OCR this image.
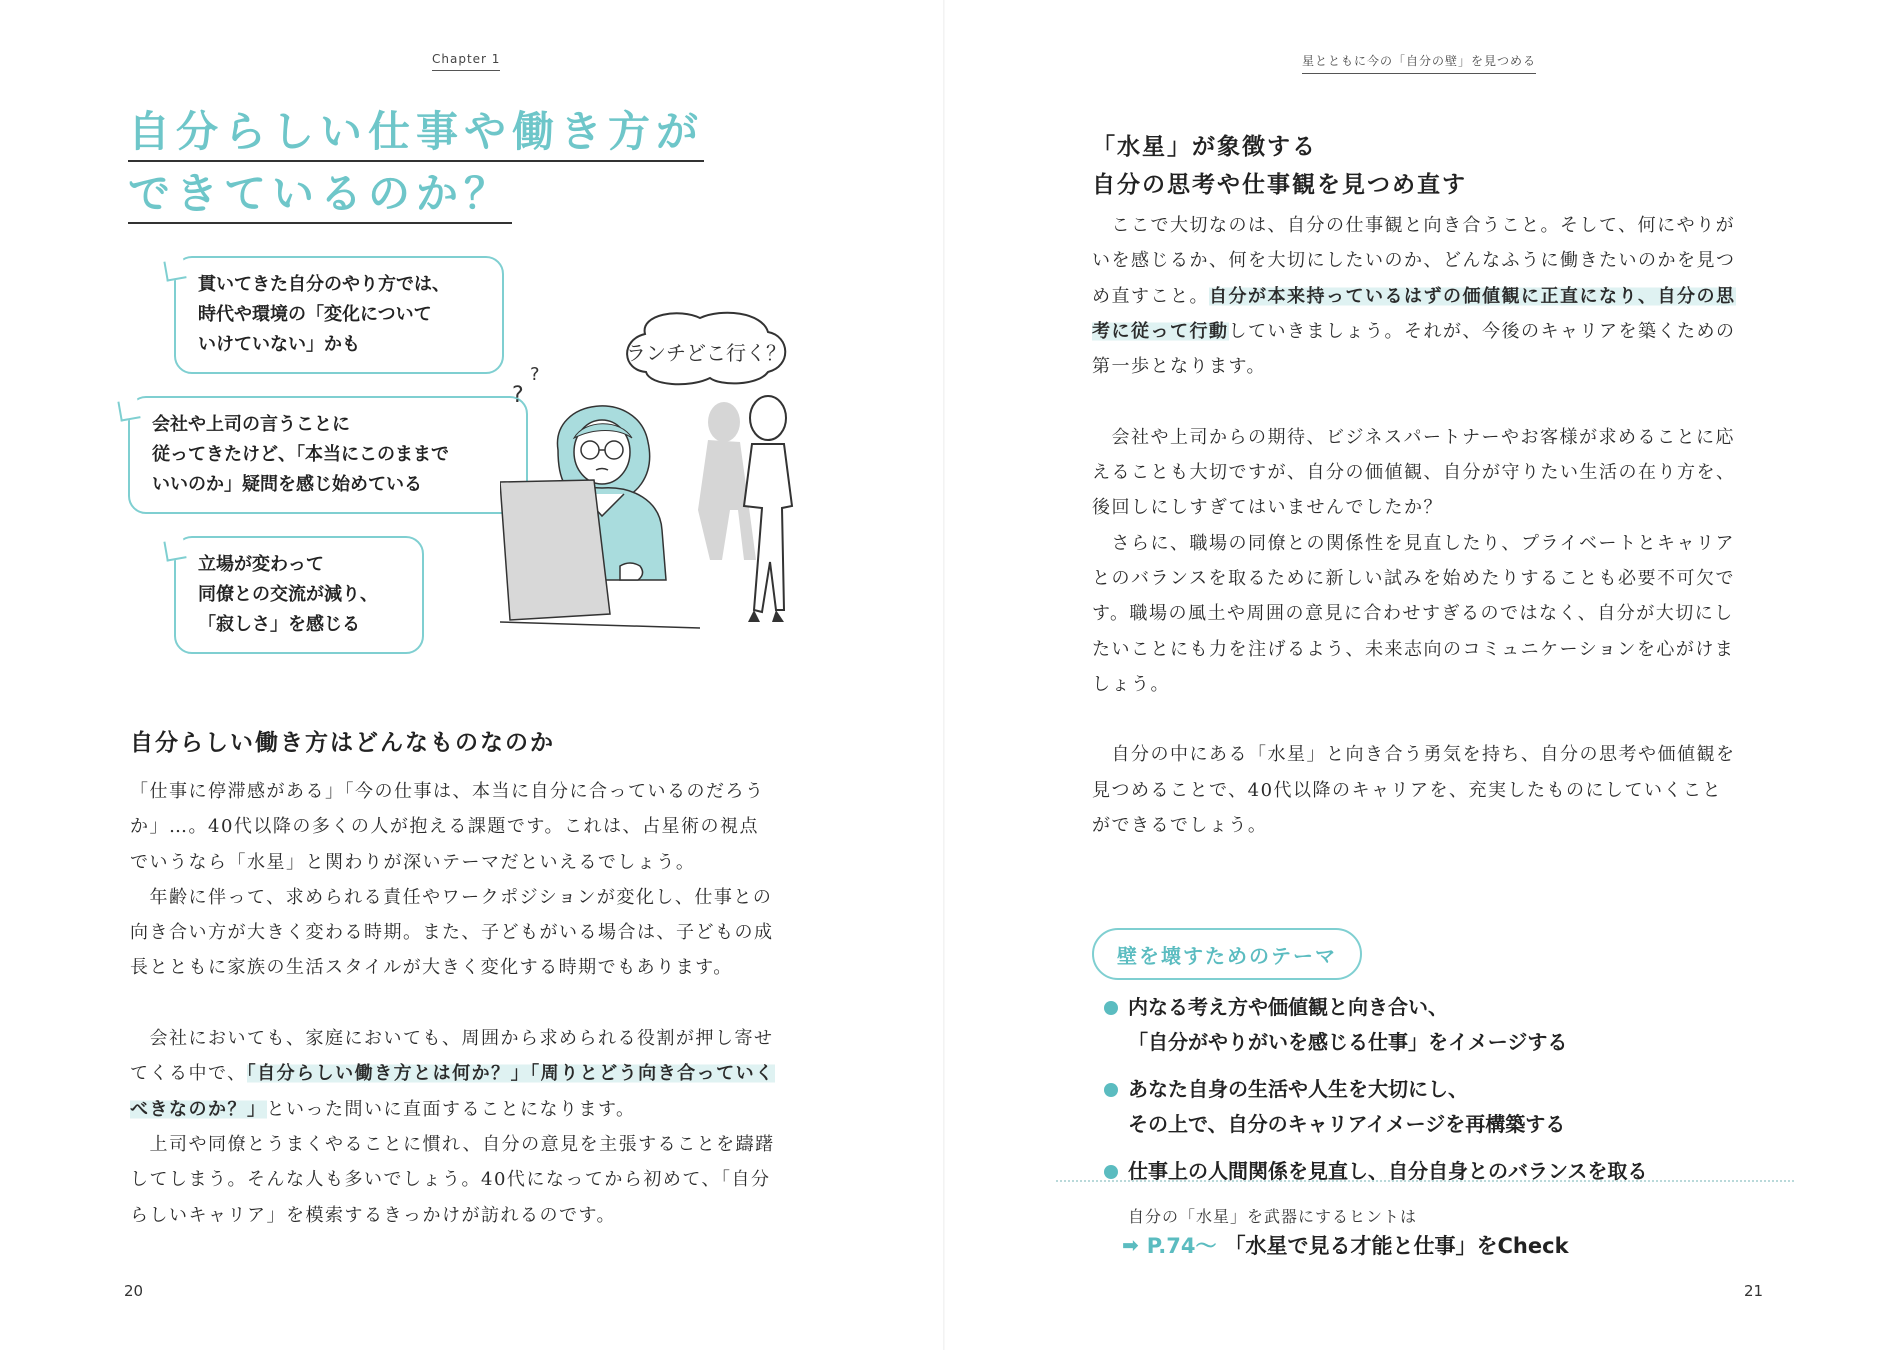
Chapter 1
自分らしい仕事や働き方が
できているのか？
貫いてきた自分のやり方では、
時代や環境の「変化について
いけていない」かも
会社や上司の言うことに
従ってきたけど、「本当にこのままで
いいのか」疑問を感じ始めている
立場が変わって
同僚との交流が減り、
「寂しさ」を感じる
ランチどこ行く？
?
?
自分らしい働き方はどんなものなのか

「仕事に停滞感がある」「今の仕事は、本当に自分に合っているのだろう

か」…。40代以降の多くの人が抱える課題です。これは、占星術の視点

でいうなら「水星」と関わりが深いテーマだといえるでしょう。

　年齢に伴って、求められる責任やワークポジションが変化し、仕事との

向き合い方が大きく変わる時期。また、子どもがいる場合は、子どもの成

長とともに家族の生活スタイルが大きく変化する時期でもあります。

　会社においても、家庭においても、周囲から求められる役割が押し寄せ

てくる中で、「自分らしい働き方とは何か？」「周りとどう向き合っていく

べきなのか？」といった問いに直面することになります。

　上司や同僚とうまくやることに慣れ、自分の意見を主張することを躊躇

してしまう。そんな人も多いでしょう。40代になってから初めて、「自分

らしいキャリア」を模索するきっかけが訪れるのです。

20
星とともに今の「自分の壁」を見つめる
「水星」が象徴する
自分の思考や仕事観を見つめ直す

　ここで大切なのは、自分の仕事観と向き合うこと。そして、何にやりが

いを感じるか、何を大切にしたいのか、どんなふうに働きたいのかを見つ

め直すこと。自分が本来持っているはずの価値観に正直になり、自分の思

考に従って行動していきましょう。それが、今後のキャリアを築くための

第一歩となります。

　会社や上司からの期待、ビジネスパートナーやお客様が求めることに応

えることも大切ですが、自分の価値観、自分が守りたい生活の在り方を、

後回しにしすぎてはいませんでしたか？

　さらに、職場の同僚との関係性を見直したり、プライベートとキャリア

とのバランスを取るために新しい試みを始めたりすることも必要不可欠で

す。職場の風土や周囲の意見に合わせすぎるのではなく、自分が大切にし

たいことにも力を注げるよう、未来志向のコミュニケーションを心がけま

しょう。

　自分の中にある「水星」と向き合う勇気を持ち、自分の思考や価値観を

見つめることで、40代以降のキャリアを、充実したものにしていくこと

ができるでしょう。

21
壁を壊すためのテーマ
内なる考え方や価値観と向き合い、
「自分がやりがいを感じる仕事」をイメージする
あなた自身の生活や人生を大切にし、
その上で、自分のキャリアイメージを再構築する
仕事上の人間関係を見直し、自分自身とのバランスを取る
自分の「水星」を武器にするヒントは
➡ P.74〜 「水星で見る才能と仕事」をCheck
